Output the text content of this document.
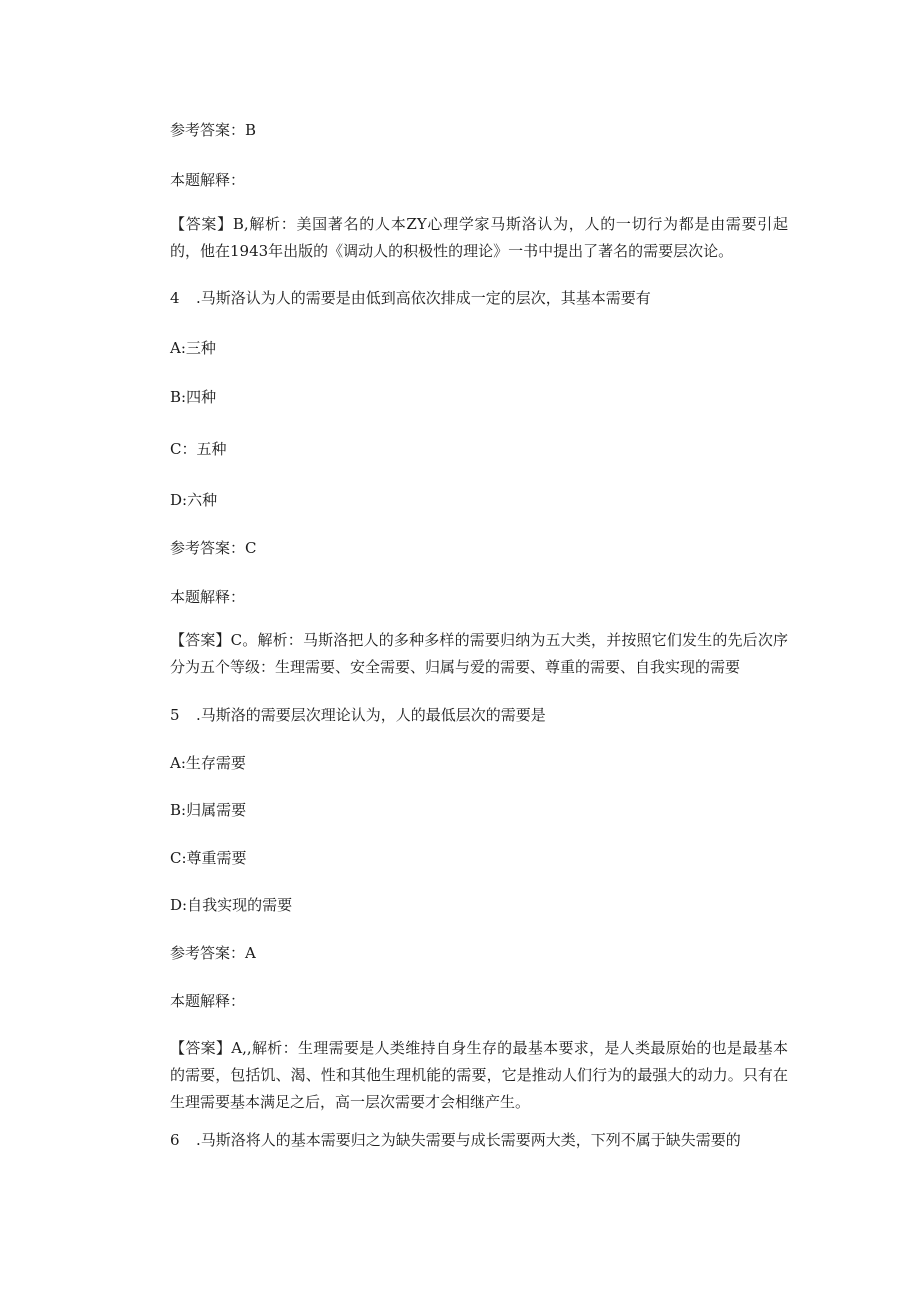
参考答案：B
本题解释：
【答案】B,解析：美国著名的人本ZY心理学家马斯洛认为，人的一切行为都是由需要引起的，他在1943年出版的《调动人的积极性的理论》一书中提出了著名的需要层次论。
4 .马斯洛认为人的需要是由低到高依次排成一定的层次，其基本需要有
A:三种
B:四种
C：五种
D:六种
参考答案：C
本题解释：
【答案】C。解析：马斯洛把人的多种多样的需要归纳为五大类，并按照它们发生的先后次序分为五个等级：生理需要、安全需要、归属与爱的需要、尊重的需要、自我实现的需要
5 .马斯洛的需要层次理论认为，人的最低层次的需要是
A:生存需要
B:归属需要
C:尊重需要
D:自我实现的需要
参考答案：A
本题解释：
【答案】A,,解析：生理需要是人类维持自身生存的最基本要求，是人类最原始的也是最基本的需要，包括饥、渴、性和其他生理机能的需要，它是推动人们行为的最强大的动力。只有在生理需要基本满足之后，高一层次需要才会相继产生。
6 .马斯洛将人的基本需要归之为缺失需要与成长需要两大类，下列不属于缺失需要的
